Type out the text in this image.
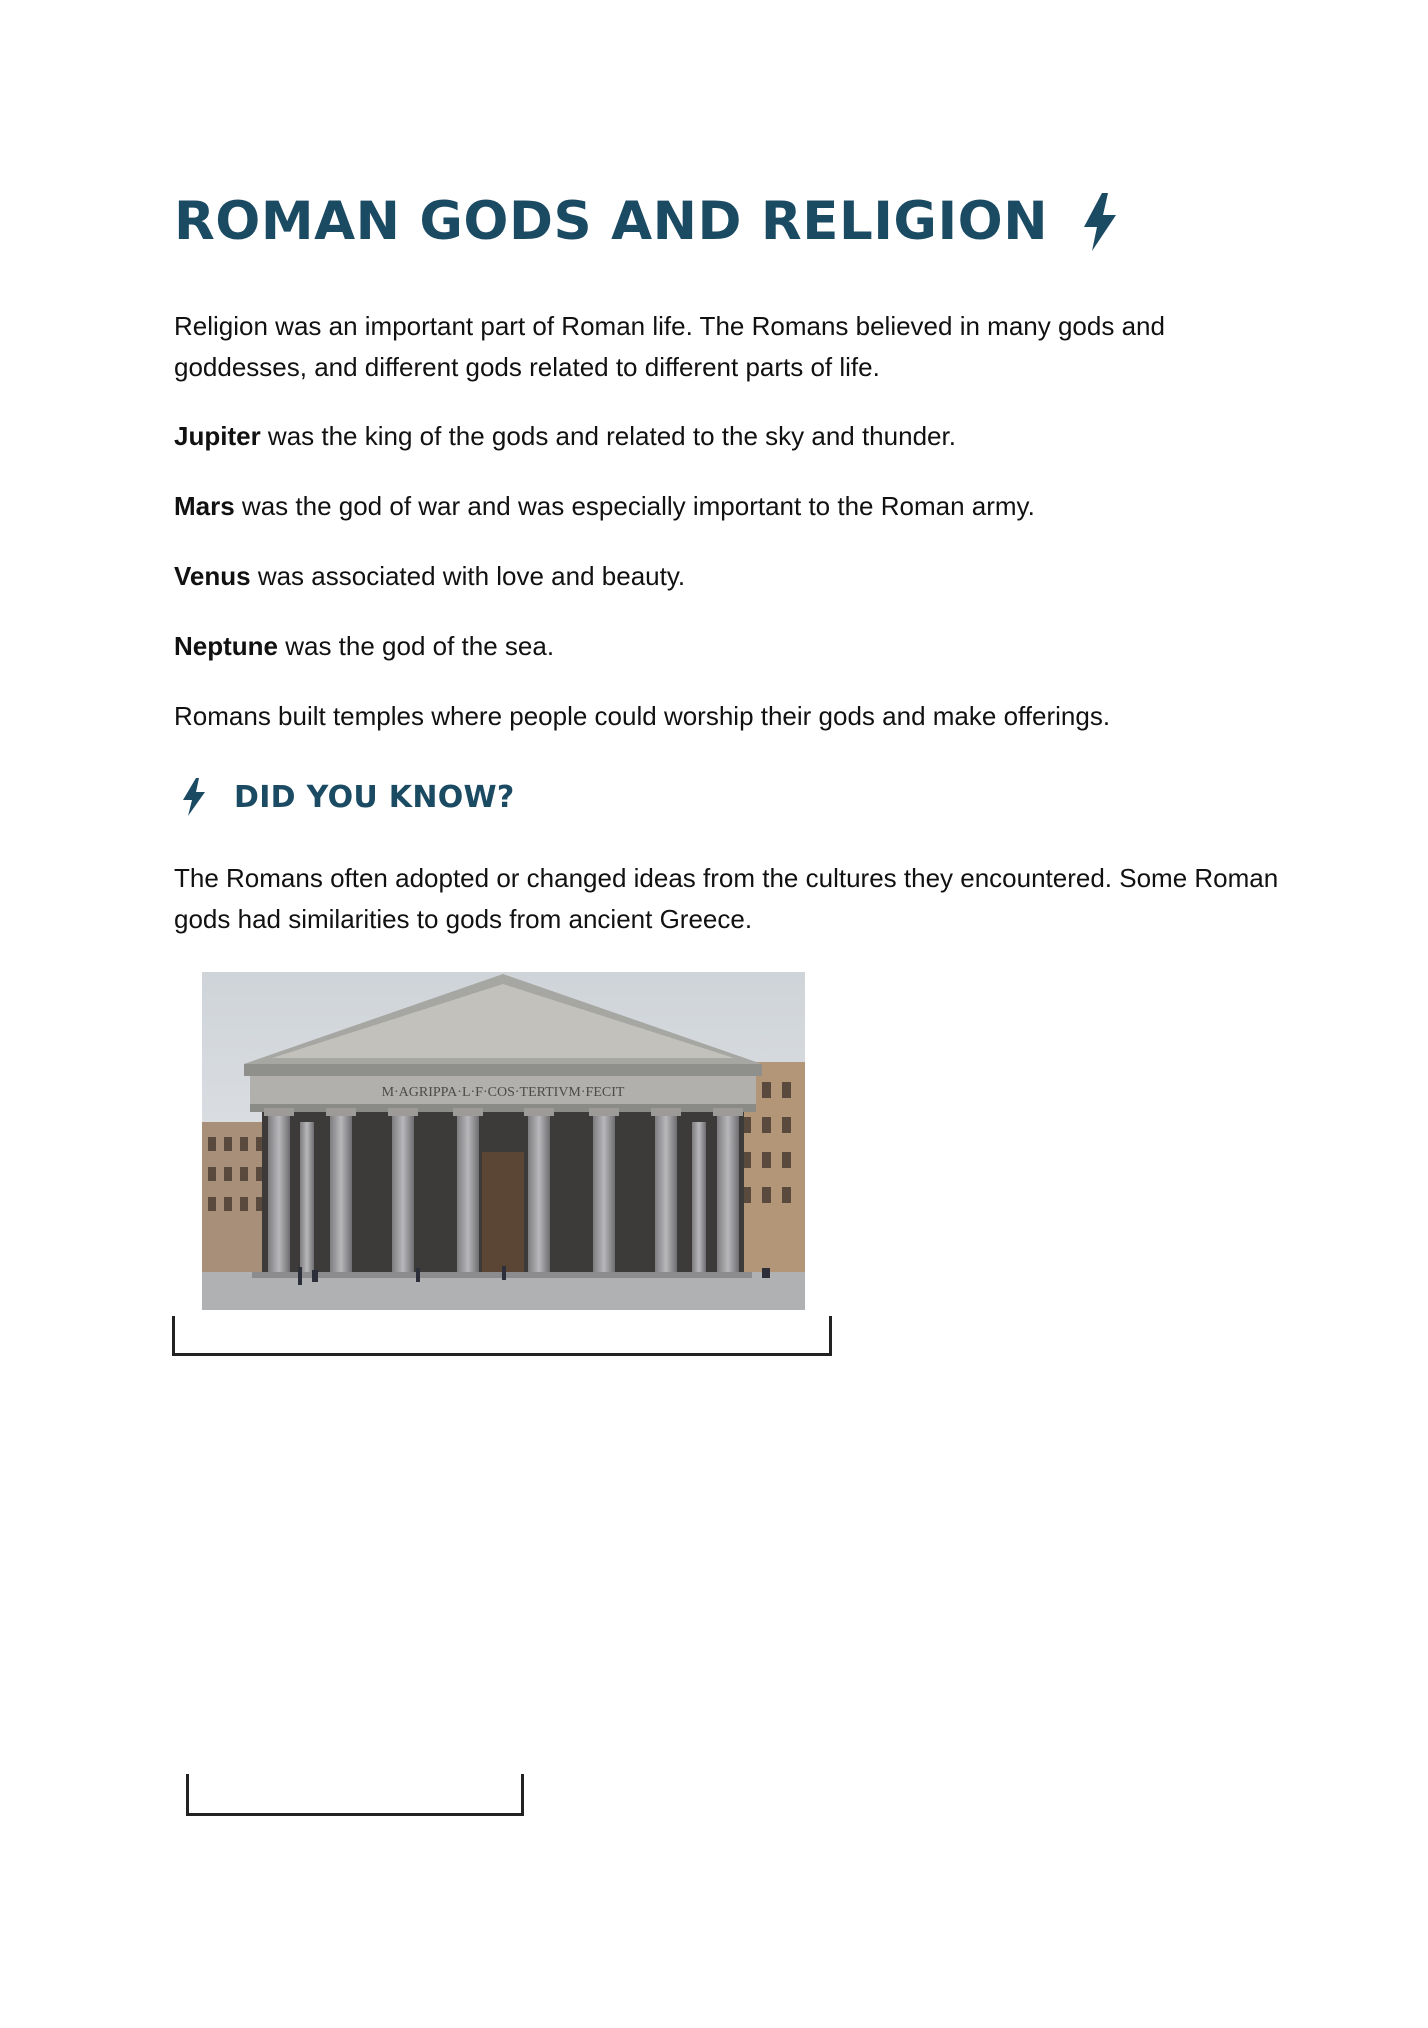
ROMAN GODS AND RELIGION

Religion was an important part of Roman life. The Romans believed in many gods and goddesses, and different gods related to different parts of life.

Jupiter was the king of the gods and related to the sky and thunder.

Mars was the god of war and was especially important to the Roman army.

Venus was associated with love and beauty.

Neptune was the god of the sea.

Romans built temples where people could worship their gods and make offerings.

DID YOU KNOW?

The Romans often adopted or changed ideas from the cultures they encountered. Some Roman gods had similarities to gods from ancient Greece.

M·AGRIPPA·L·F·COS·TERTIVM·FECIT
